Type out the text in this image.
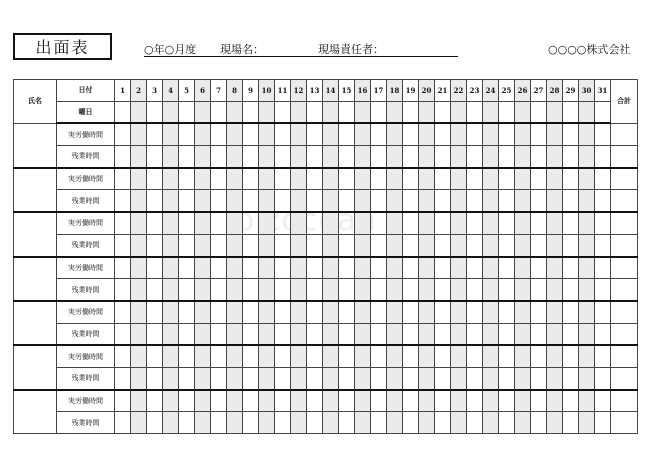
出面表	○年○月度 現場名：	現場責任者：	○○○○株式会社
氏名	日付	1	2	3	4	5	6	7	8	9	10	11	12	13	14	15	16	17	18	19	20	21	22	23	24	25	26	27	28	29	30	31	合計
	曜日																																
	実労働時間																																
	残業時間																																
	実労働時間																																
	残業時間																																
	実労働時間																																
	残業時間																																
	実労働時間																																
	残業時間																																
	実労働時間																																
	残業時間																																
	実労働時間																																
	残業時間																																
	実労働時間																																
	残業時間																																
